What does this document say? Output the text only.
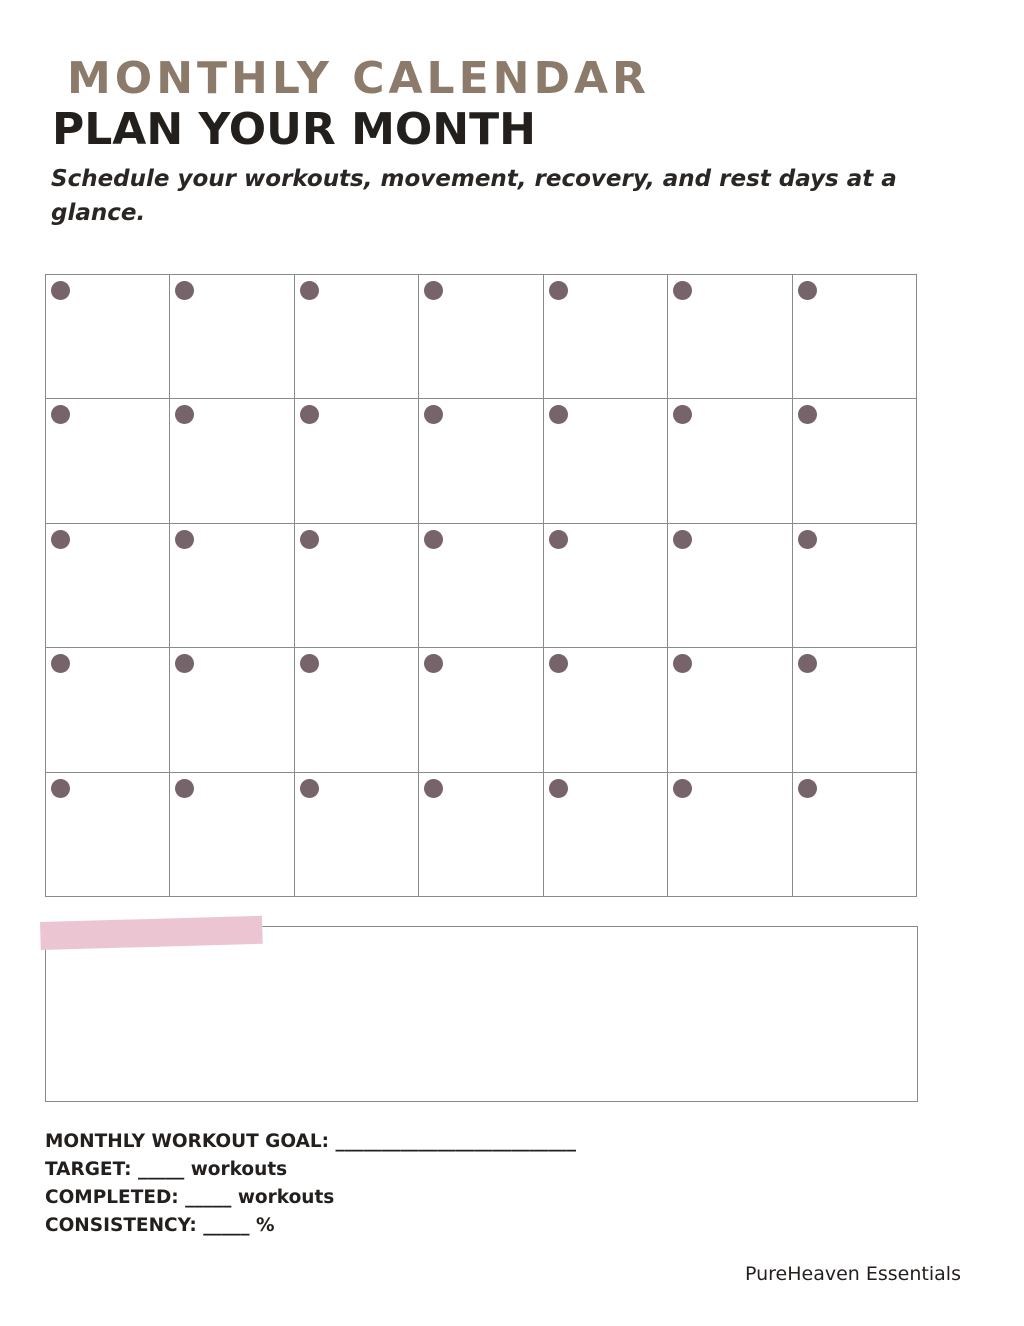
MONTHLY CALENDAR
PLAN YOUR MONTH
Schedule your workouts, movement, recovery, and rest days at a glance.
MONTHLY WORKOUT GOAL: __________________________
TARGET: _____ workouts
COMPLETED: _____ workouts
CONSISTENCY: _____ %
PureHeaven Essentials
